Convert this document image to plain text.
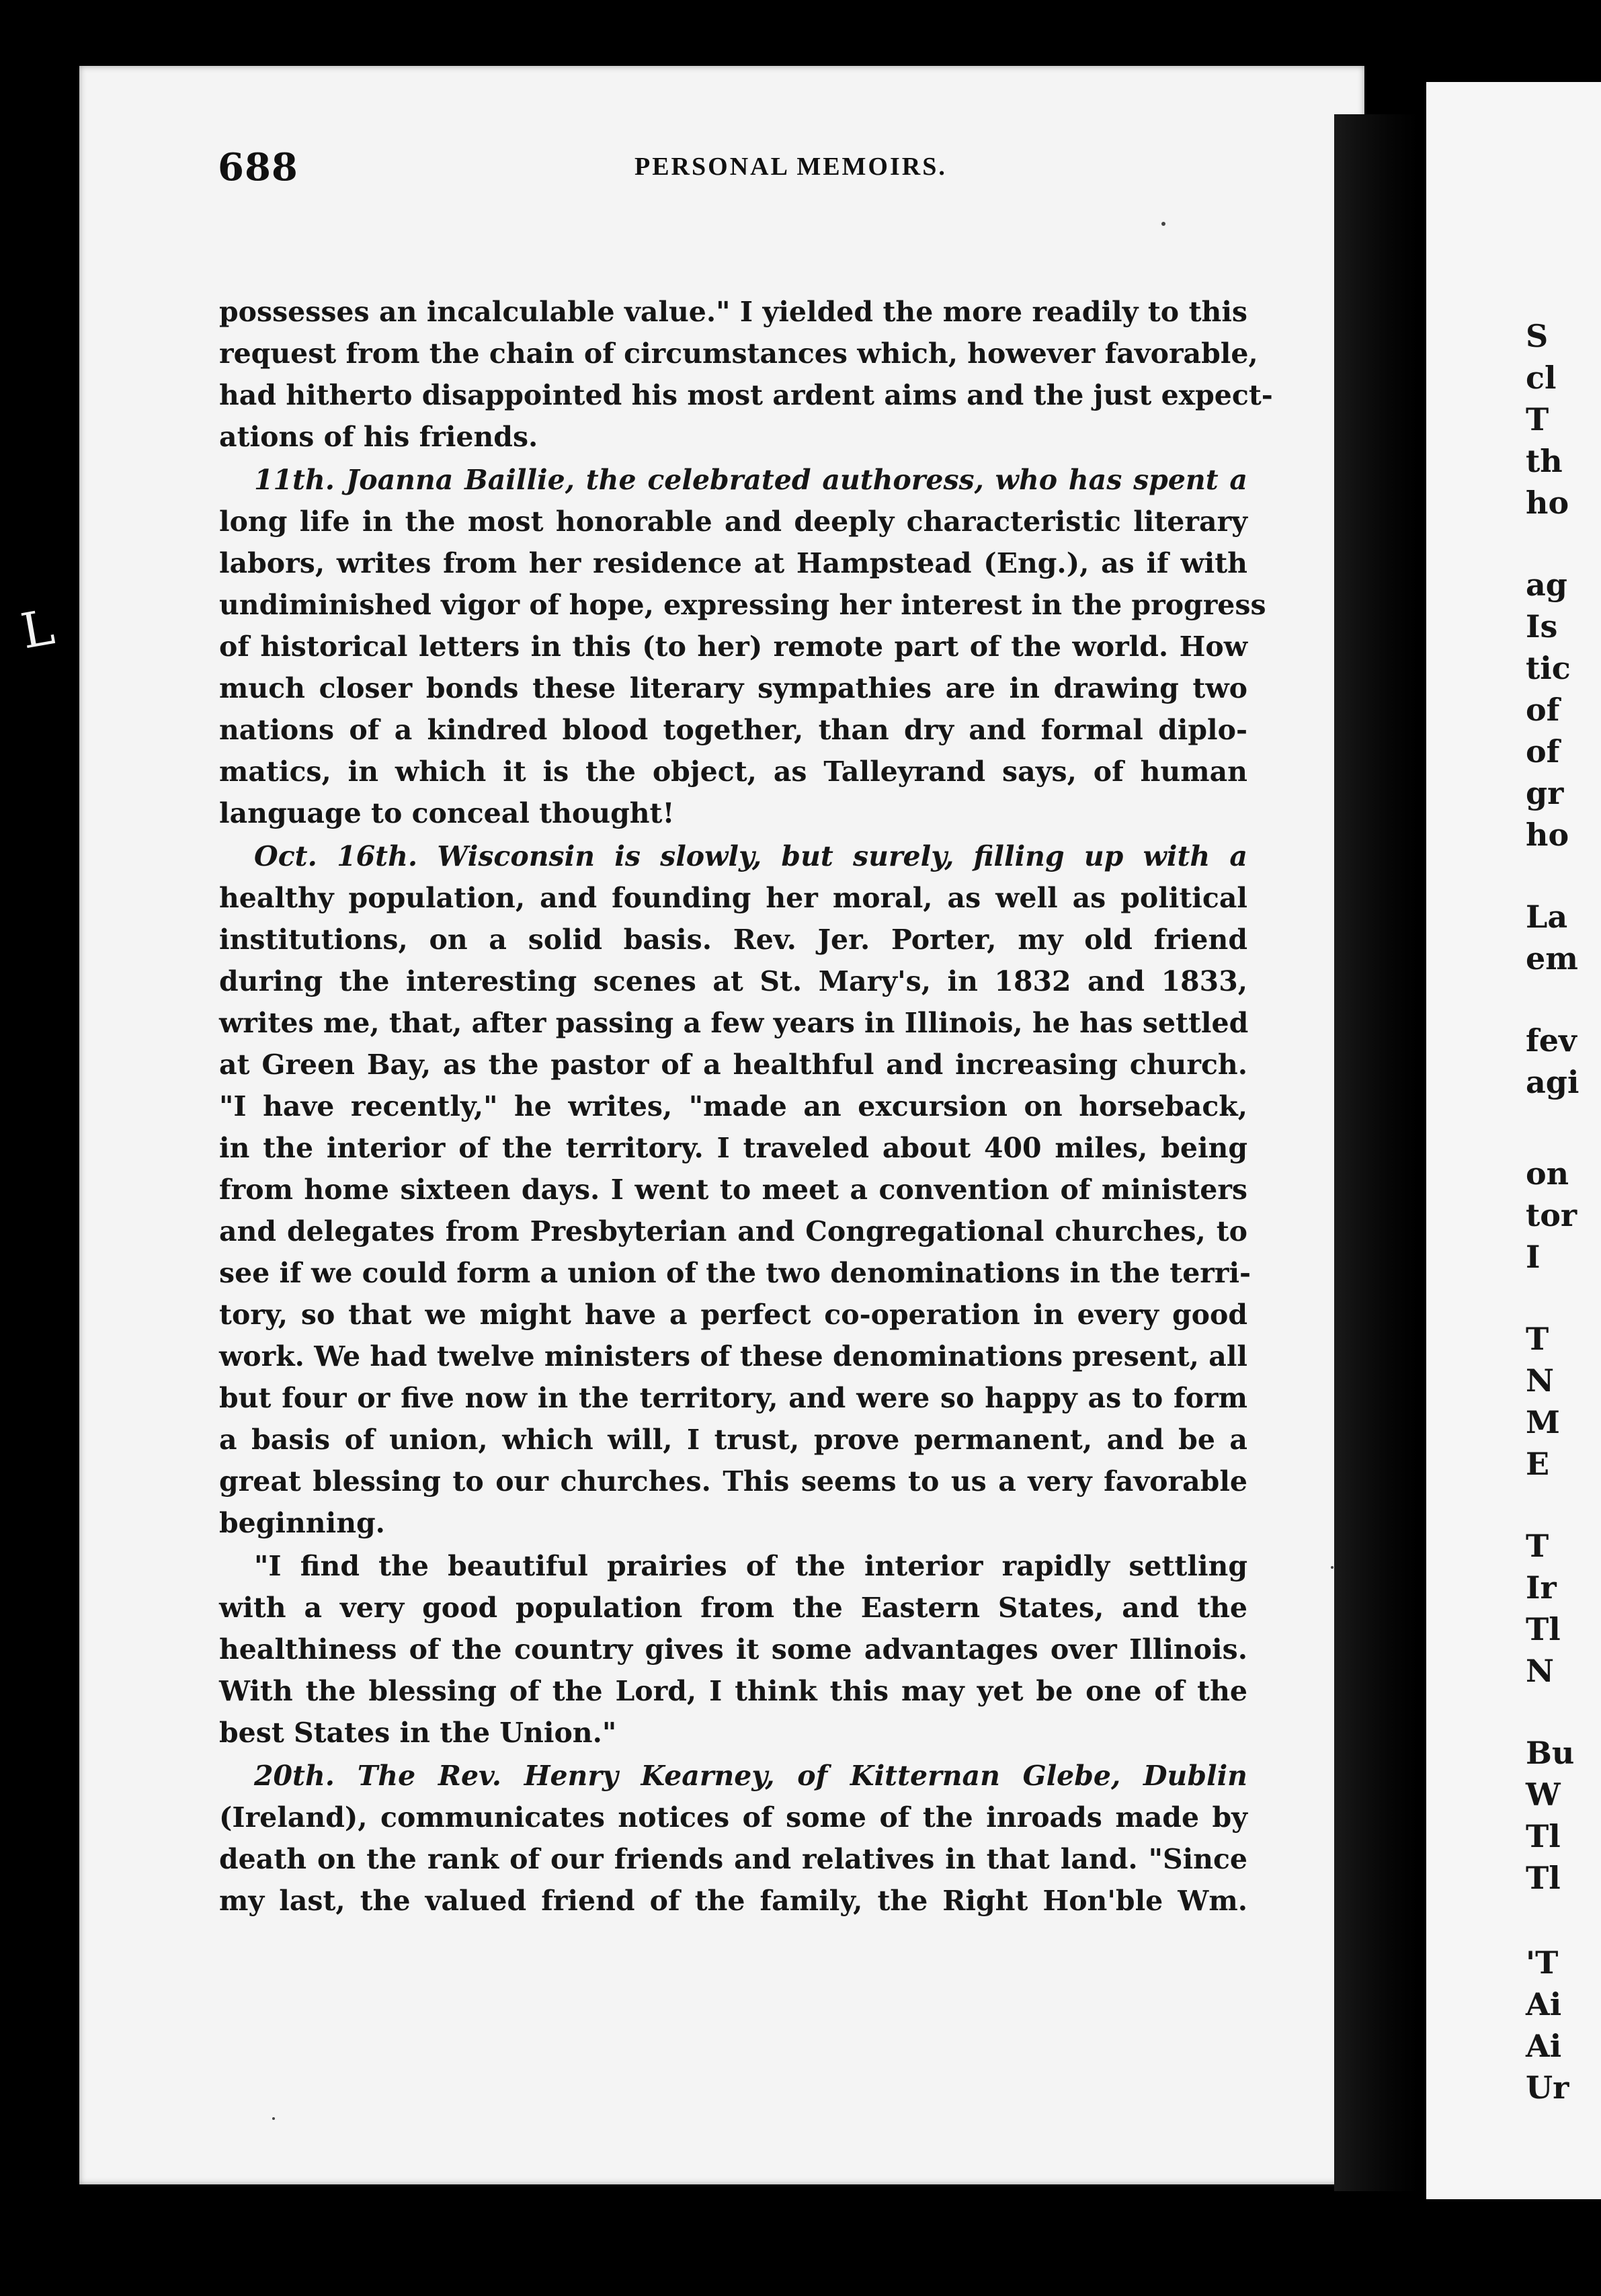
L
688	PERSONAL MEMOIRS.
possesses an incalculable value." I yielded the more readily to this
request from the chain of circumstances which, however favorable,
had hitherto disappointed his most ardent aims and the just expect-
ations of his friends.
11th. Joanna Baillie, the celebrated authoress, who has spent a
long life in the most honorable and deeply characteristic literary
labors, writes from her residence at Hampstead (Eng.), as if with
undiminished vigor of hope, expressing her interest in the progress
of historical letters in this (to her) remote part of the world. How
much closer bonds these literary sympathies are in drawing two
nations of a kindred blood together, than dry and formal diplo-
matics, in which it is the object, as Talleyrand says, of human
language to conceal thought!
Oct. 16th. Wisconsin is slowly, but surely, filling up with a
healthy population, and founding her moral, as well as political
institutions, on a solid basis. Rev. Jer. Porter, my old friend
during the interesting scenes at St. Mary's, in 1832 and 1833,
writes me, that, after passing a few years in Illinois, he has settled
at Green Bay, as the pastor of a healthful and increasing church.
"I have recently," he writes, "made an excursion on horseback,
in the interior of the territory. I traveled about 400 miles, being
from home sixteen days. I went to meet a convention of ministers
and delegates from Presbyterian and Congregational churches, to
see if we could form a union of the two denominations in the terri-
tory, so that we might have a perfect co-operation in every good
work. We had twelve ministers of these denominations present, all
but four or five now in the territory, and were so happy as to form
a basis of union, which will, I trust, prove permanent, and be a
great blessing to our churches. This seems to us a very favorable
beginning.
"I find the beautiful prairies of the interior rapidly settling
with a very good population from the Eastern States, and the
healthiness of the country gives it some advantages over Illinois.
With the blessing of the Lord, I think this may yet be one of the
best States in the Union."
20th. The Rev. Henry Kearney, of Kitternan Glebe, Dublin
(Ireland), communicates notices of some of the inroads made by
death on the rank of our friends and relatives in that land. "Since
my last, the valued friend of the family, the Right Hon'ble Wm.
S
cl
T
th
ho
ag
Is
tic
of
of
gr
ho
La
em
fev
agi
on
tor
I
T
N
M
E
T
Ir
Tl
N
Bu
W
Tl
Tl
'T
Ai
Ai
Ur
